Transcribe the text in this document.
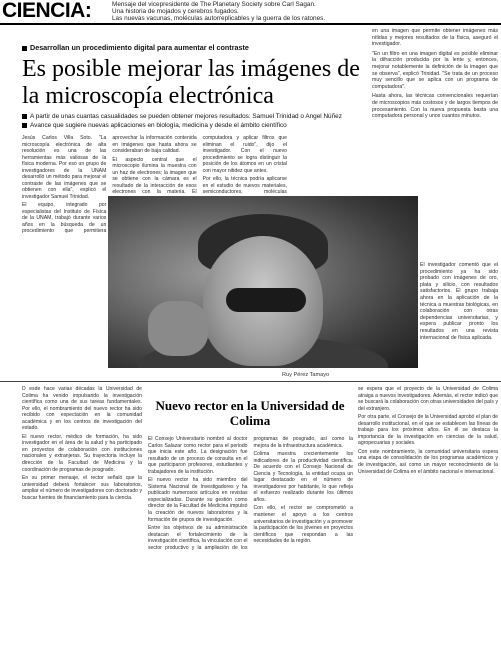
CIENCIA:	Mensaje del vicepresidente de The Planetary Society sobre Carl Sagan.
Una historia de mojados y cerebros fugados.
Las nuevas vacunas, moléculas autorreplicables y la guerra de los ratones.

en una imagen que permite obtener imágenes más nítidas y mejores resultados de la física, aseguró el investigador.

"En un filtro en una imagen digital es posible eliminar la difracción producida por la lente y, entonces, mejorar notablemente la definición de la imagen que se observa", explicó Trinidad. "Se trata de un proceso muy sencillo que se aplica con un programa de computadora".

Hasta ahora, las técnicas convencionales requerían de microscopios más costosos y de largos tiempos de procesamiento. Con la nueva propuesta basta una computadora personal y unos cuantos minutos.

Desarrollan un procedimiento digital para aumentar el contraste
Es posible mejorar las imágenes de la microscopía electrónica
A partir de unas cuantas casualidades se pueden obtener mejores resultados: Samuel Trinidad o Angel Núñez
Avance que sugiere nuevas aplicaciones en biología, medicina y desde el ámbito científico

Jesús Carlos Villa Soto. "La microscopía electrónica de alta resolución es una de las herramientas más valiosas de la física moderna. Por eso un grupo de investigadores de la UNAM desarrolló un método para mejorar el contraste de las imágenes que se obtienen con ella", explicó el investigador Samuel Trinidad.

El equipo, integrado por especialistas del Instituto de Física de la UNAM, trabajó durante varios años en la búsqueda de un procedimiento que permitiera aprovechar la información contenida en imágenes que hasta ahora se consideraban de baja calidad.

El aspecto central que el microscopio ilumina la muestra con un haz de electrones; la imagen que se obtiene con la cámara es el resultado de la interacción de esos electrones con la materia. El

computadora y aplicar filtros que eliminan el ruido", dijo el investigador. Con el nuevo procedimiento se logra distinguir la posición de los átomos en un cristal con mayor nitidez que antes.

Por ello, la técnica podría aplicarse en el estudio de nuevos materiales, semiconductores, moléculas

El investigador comentó que el procedimiento ya ha sido probado con imágenes de oro, plata y silicio, con resultados satisfactorios. El grupo trabaja ahora en la aplicación de la técnica a muestras biológicas, en colaboración con otras dependencias universitarias, y espera publicar pronto los resultados en una revista internacional de física aplicada.
Ruy Pérez Tamayo

D esde hace varias décadas la Universidad de Colima ha venido impulsando la investigación científica como una de sus tareas fundamentales. Por ello, el nombramiento del nuevo rector ha sido recibido con expectación en la comunidad académica y en los centros de investigación del estado.

El nuevo rector, médico de formación, ha sido investigador en el área de la salud y ha participado en proyectos de colaboración con instituciones nacionales y extranjeras. Su trayectoria incluye la dirección de la Facultad de Medicina y la coordinación de programas de posgrado.

En su primer mensaje, el rector señaló que la universidad deberá fortalecer sus laboratorios, ampliar el número de investigadores con doctorado y buscar fuentes de financiamiento para la ciencia.

Nuevo rector en la Universidad de Colima

El Consejo Universitario nombró al doctor Carlos Salazar como rector para el periodo que inicia este año. La designación fue resultado de un proceso de consulta en el que participaron profesores, estudiantes y trabajadores de la institución.

El nuevo rector ha sido miembro del Sistema Nacional de Investigadores y ha publicado numerosos artículos en revistas especializadas. Durante su gestión como director de la Facultad de Medicina impulsó la creación de nuevos laboratorios y la formación de grupos de investigación.

Entre los objetivos de su administración destacan el fortalecimiento de la investigación científica, la vinculación con el sector productivo y la ampliación de los programas de posgrado, así como la mejora de la infraestructura académica.

Colima muestra crecientemente los indicadores de la productividad científica. De acuerdo con el Consejo Nacional de Ciencia y Tecnología, la entidad ocupa un lugar destacado en el número de investigadores por habitante, lo que refleja el esfuerzo realizado durante los últimos años.

Con ello, el rector se comprometió a mantener el apoyo a los centros universitarios de investigación y a promover la participación de los jóvenes en proyectos científicos que respondan a las necesidades de la región.

se espera que el proyecto de la Universidad de Colima atraiga a nuevos investigadores. Además, el rector indicó que se buscará la colaboración con otras universidades del país y del extranjero.

Por otra parte, el Consejo de la Universidad aprobó el plan de desarrollo institucional, en el que se establecen las líneas de trabajo para los próximos años. En él se destaca la importancia de la investigación en ciencias de la salud, agropecuarias y sociales.

Con este nombramiento, la comunidad universitaria espera una etapa de consolidación de los programas académicos y de investigación, así como un mayor reconocimiento de la Universidad de Colima en el ámbito nacional e internacional.
